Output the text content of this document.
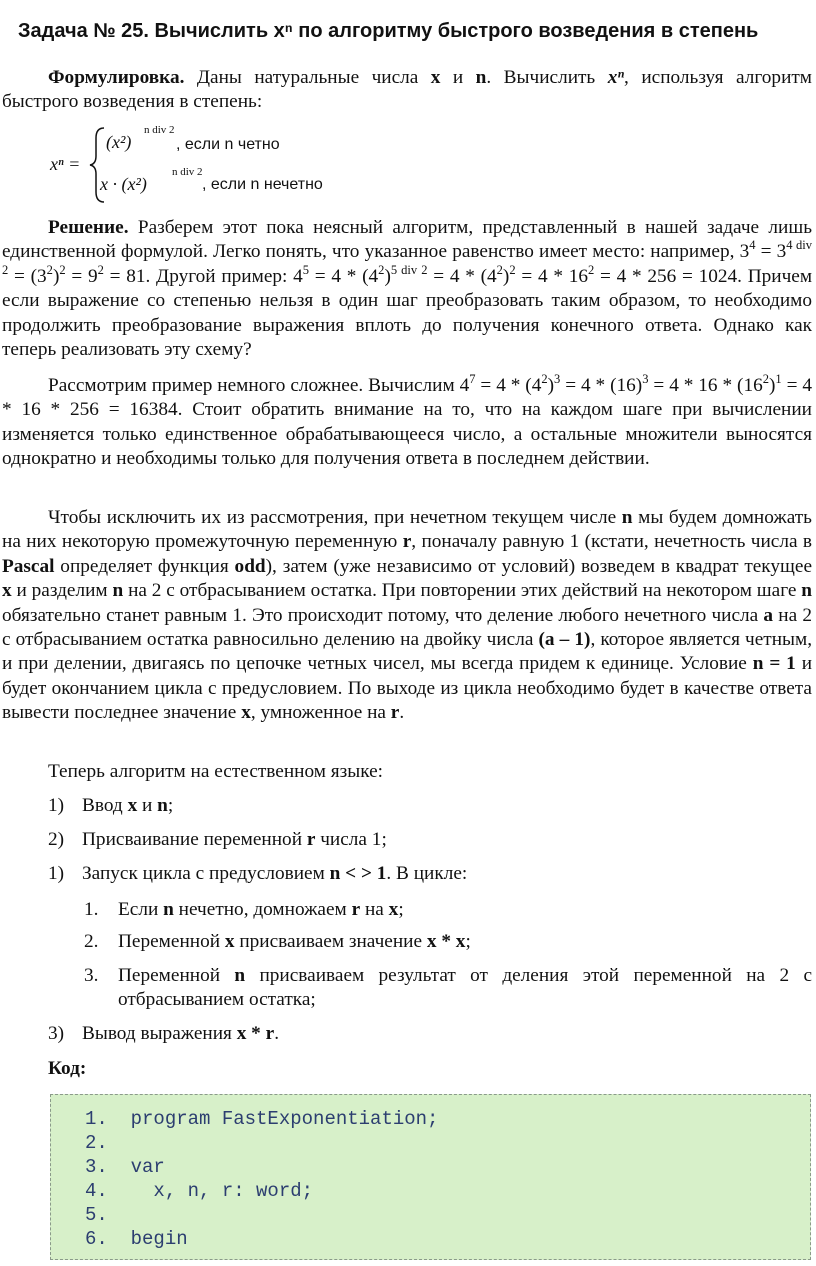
Задача № 25. Вычислить xⁿ по алгоритму быстрого возведения в степень

Формулировка. Даны натуральные числа x и n. Вычислить xⁿ, используя алгоритм быстрого возведения в степень:

xⁿ =
(x²)
n div 2
, если n четно
x · (x²)
n div 2
, если n нечетно

Решение. Разберем этот пока неясный алгоритм, представленный в нашей задаче лишь единственной формулой. Легко понять, что указанное равенство имеет место: например, $3^4 = 3^{4 div 2} = (3^2)^2 = 9^2 = 81$. Другой пример: $4^5 = 4 * (4^2)^{5 div 2} = 4 * (4^2)^2 = 4 * 16^2 = 4 * 256 = 1024$. Причем если выражение со степенью нельзя в один шаг преобразовать таким образом, то необходимо продолжить преобразование выражения вплоть до получения конечного ответа. Однако как теперь реализовать эту схему?

Рассмотрим пример немного сложнее. Вычислим $4^7 = 4 * (4^2)^3 = 4 * (16)^3 = 4 * 16 * (16^2)^1 = 4 * 16 * 256 = 16384$. Стоит обратить внимание на то, что на каждом шаге при вычислении изменяется только единственное обрабатывающееся число, а остальные множители выносятся однократно и необходимы только для получения ответа в последнем действии.

Чтобы исключить их из рассмотрения, при нечетном текущем числе n мы будем домножать на них некоторую промежуточную переменную r, поначалу равную 1 (кстати, нечетность числа в Pascal определяет функция odd), затем (уже независимо от условий) возведем в квадрат текущее x и разделим n на 2 с отбрасыванием остатка. При повторении этих действий на некотором шаге n обязательно станет равным 1. Это происходит потому, что деление любого нечетного числа a на 2 с отбрасыванием остатка равносильно делению на двойку числа (a – 1), которое является четным, и при делении, двигаясь по цепочке четных чисел, мы всегда придем к единице. Условие n = 1 и будет окончанием цикла с предусловием. По выходе из цикла необходимо будет в качестве ответа вывести последнее значение x, умноженное на r.

Теперь алгоритм на естественном языке:
1) Ввод x и n;
2) Присваивание переменной r числа 1;
1) Запуск цикла с предусловием n < > 1. В цикле:
1. Если n нечетно, домножаем r на x;
2. Переменной x присваиваем значение x * x;
3. Переменной n присваиваем результат от деления этой переменной на 2 с
отбрасыванием остатка;
3) Вывод выражения x * r.
Код:
1.  program FastExponentiation;
2.
3.  var
4.    x, n, r: word;
5.
6.  begin
